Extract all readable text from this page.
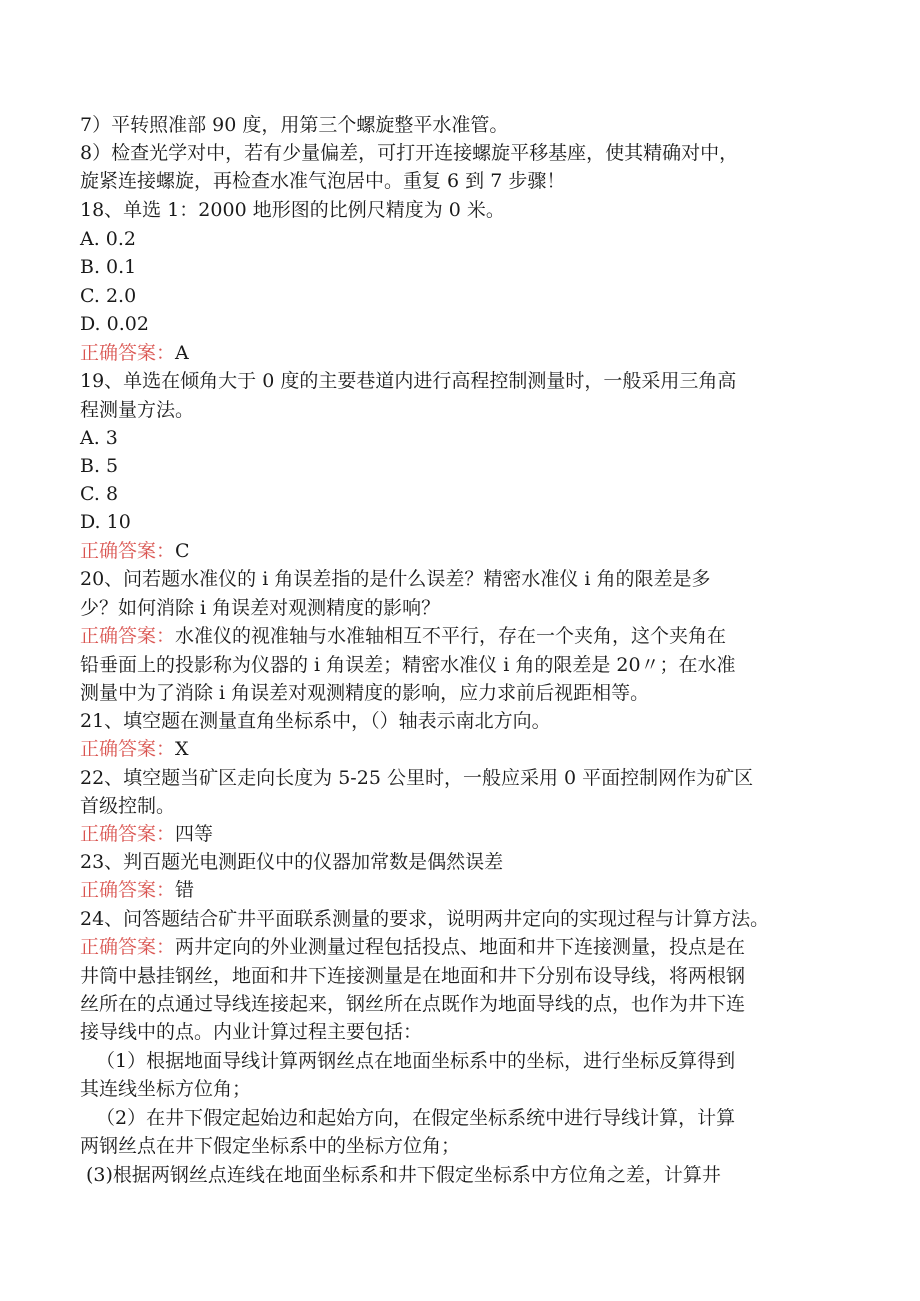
7）平转照准部 90 度，用第三个螺旋整平水准管。
8）检查光学对中，若有少量偏差，可打开连接螺旋平移基座，使其精确对中，
旋紧连接螺旋，再检查水准气泡居中。重复 6 到 7 步骤！
18、单选 1：2000 地形图的比例尺精度为 0 米。
A. 0.2
B. 0.1
C. 2.0
D. 0.02
正确答案：A
19、单选在倾角大于 0 度的主要巷道内进行高程控制测量时，一般采用三角高
程测量方法。
A. 3
B. 5
C. 8
D. 10
正确答案：C
20、问若题水准仪的 i 角误差指的是什么误差？精密水准仪 i 角的限差是多
少？如何消除 i 角误差对观测精度的影响？
正确答案：水准仪的视准轴与水准轴相互不平行，存在一个夹角，这个夹角在
铅垂面上的投影称为仪器的 i 角误差；精密水准仪 i 角的限差是 20〃；在水准
测量中为了消除 i 角误差对观测精度的影响，应力求前后视距相等。
21、填空题在测量直角坐标系中，（）轴表示南北方向。
正确答案：X
22、填空题当矿区走向长度为 5-25 公里时，一般应采用 0 平面控制网作为矿区
首级控制。
正确答案：四等
23、判百题光电测距仪中的仪器加常数是偶然误差
正确答案：错
24、问答题结合矿井平面联系测量的要求，说明两井定向的实现过程与计算方法。
正确答案：两井定向的外业测量过程包括投点、地面和井下连接测量，投点是在
井筒中悬挂钢丝，地面和井下连接测量是在地面和井下分别布设导线，将两根钢
丝所在的点通过导线连接起来，钢丝所在点既作为地面导线的点，也作为井下连
接导线中的点。内业计算过程主要包括：
（1）根据地面导线计算两钢丝点在地面坐标系中的坐标，进行坐标反算得到
其连线坐标方位角；
（2）在井下假定起始边和起始方向，在假定坐标系统中进行导线计算，计算
两钢丝点在井下假定坐标系中的坐标方位角；
(3)根据两钢丝点连线在地面坐标系和井下假定坐标系中方位角之差，计算井
